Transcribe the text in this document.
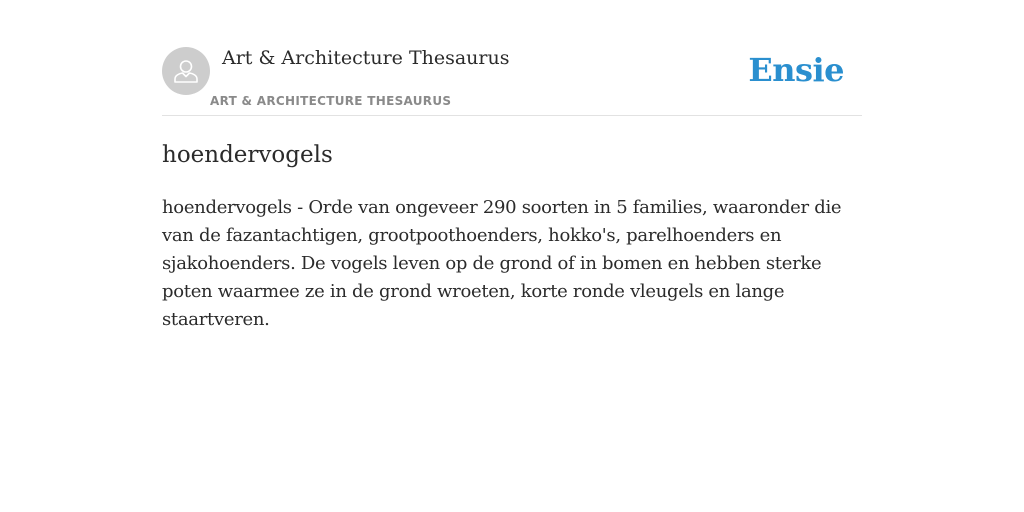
Art & Architecture Thesaurus
ART & ARCHITECTURE THESAURUS
Ensie
hoendervogels

hoendervogels - Orde van ongeveer 290 soorten in 5 families, waaronder die van de fazantachtigen, grootpoothoenders, hokko's, parelhoenders en sjakohoenders. De vogels leven op de grond of in bomen en hebben sterke poten waarmee ze in de grond wroeten, korte ronde vleugels en lange staartveren.
